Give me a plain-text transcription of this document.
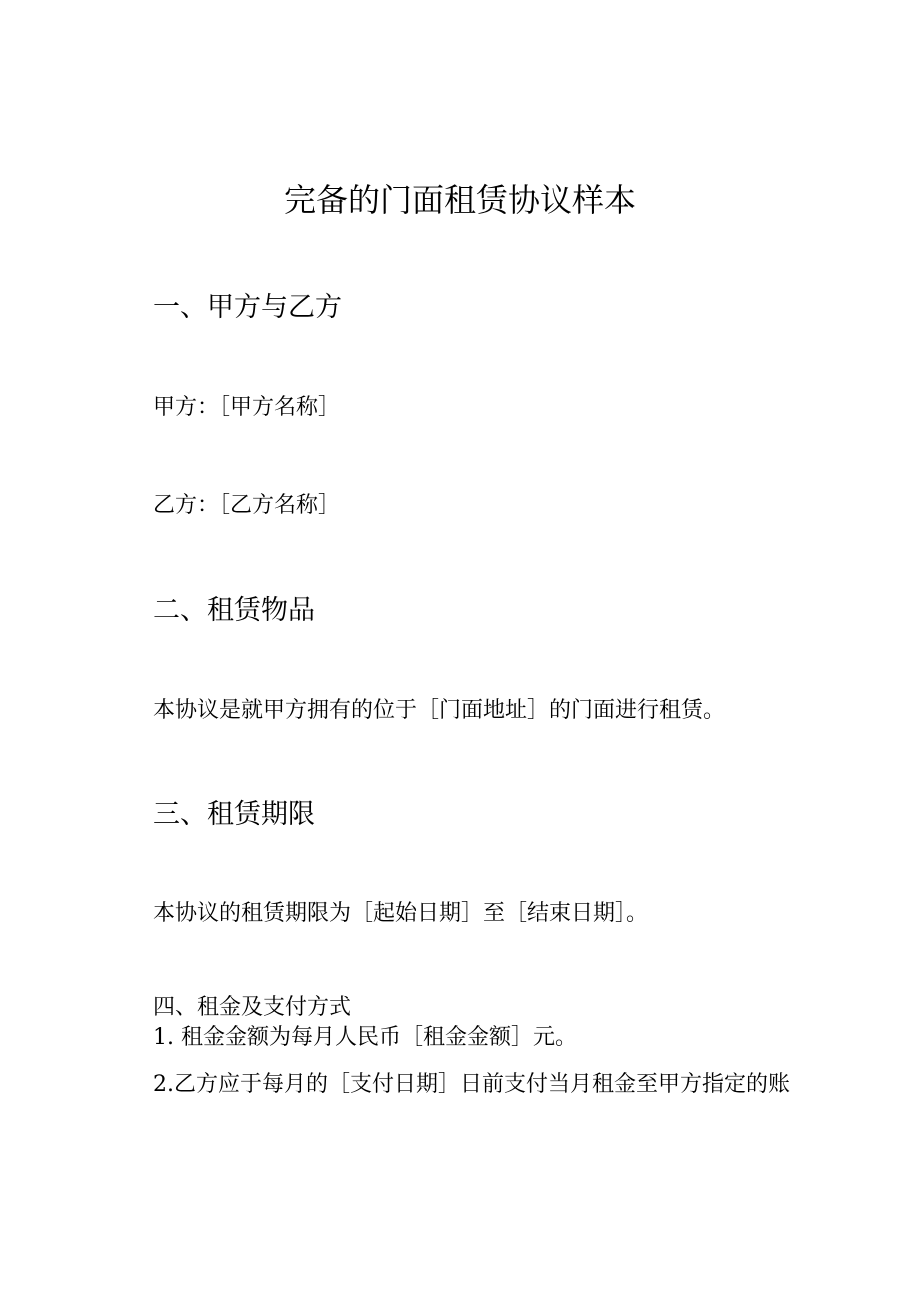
完备的门面租赁协议样本
一、甲方与乙方
甲方：［甲方名称］
乙方：［乙方名称］
二、租赁物品
本协议是就甲方拥有的位于［门面地址］的门面进行租赁。
三、租赁期限
本协议的租赁期限为［起始日期］至［结束日期］。
四、租金及支付方式
1. 租金金额为每月人民币［租金金额］元。
2.乙方应于每月的［支付日期］日前支付当月租金至甲方指定的账
